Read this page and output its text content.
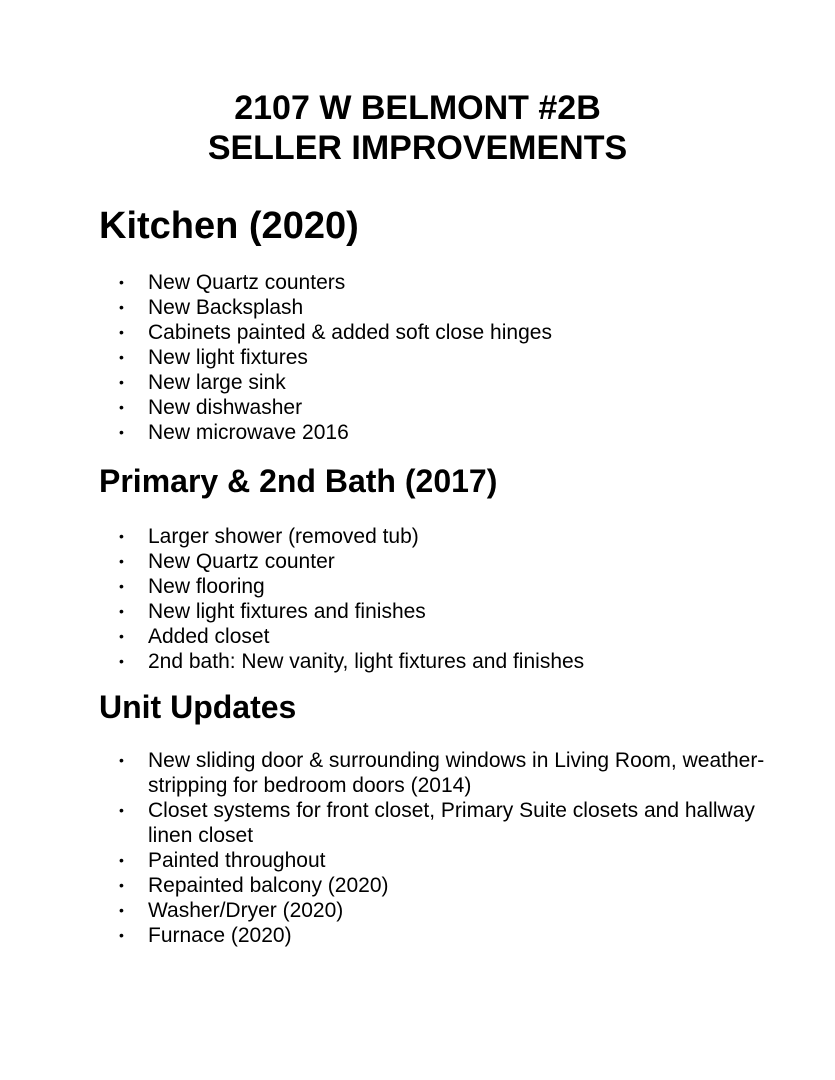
2107 W BELMONT #2B
SELLER IMPROVEMENTS
Kitchen (2020)
• New Quartz counters
• New Backsplash
• Cabinets painted & added soft close hinges
• New light fixtures
• New large sink
• New dishwasher
• New microwave 2016
Primary & 2nd Bath (2017)
• Larger shower (removed tub)
• New Quartz counter
• New flooring
• New light fixtures and finishes
• Added closet
• 2nd bath: New vanity, light fixtures and finishes
Unit Updates
• New sliding door & surrounding windows in Living Room, weather-stripping for bedroom doors (2014)
• Closet systems for front closet, Primary Suite closets and hallway linen closet
• Painted throughout
• Repainted balcony (2020)
• Washer/Dryer (2020)
• Furnace (2020)
